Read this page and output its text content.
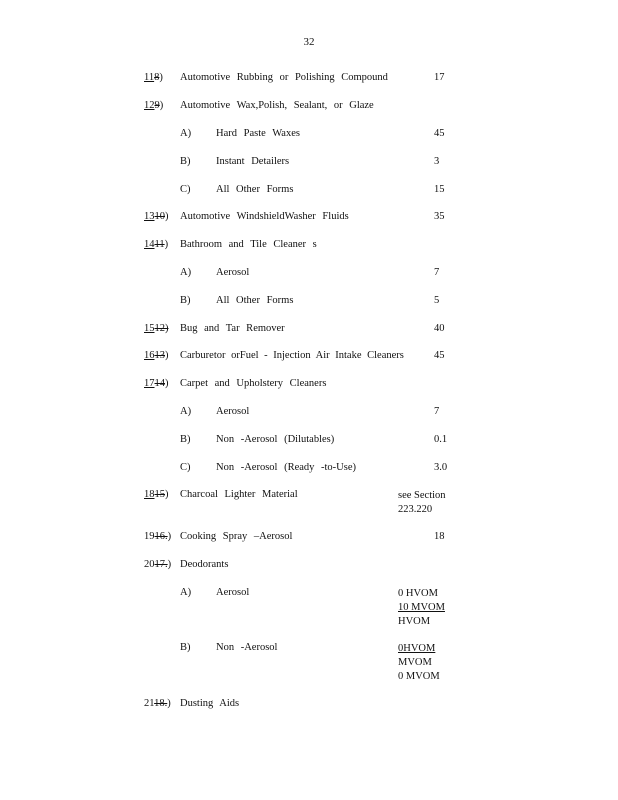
32
118) Automotive Rubbing or Polishing Compound	17
129) Automotive Wax,Polish, Sealant, or Glaze
A) Hard Paste Waxes	45
B) Instant Detailers	3
C) All Other Forms	15
1310) Automotive WindshieldWasher Fluids	35
1411) Bathroom and Tile Cleaner s
A) Aerosol	7
B) All Other Forms	5
1512) Bug and Tar Remover	40
1613) Carburetor orFuel - Injection Air Intake Cleaners	45
1714) Carpet and Upholstery Cleaners
A) Aerosol	7
B) Non -Aerosol (Dilutables)	0.1
C) Non -Aerosol (Ready -to-Use)	3.0
1815) Charcoal Lighter Material	see Section
223.220
1916.) Cooking Spray –Aerosol	18
2017.) Deodorants
A) Aerosol	0 HVOM
10 MVOM
HVOM
B) Non -Aerosol	0HVOM
MVOM
0 MVOM
2118.) Dusting Aids
